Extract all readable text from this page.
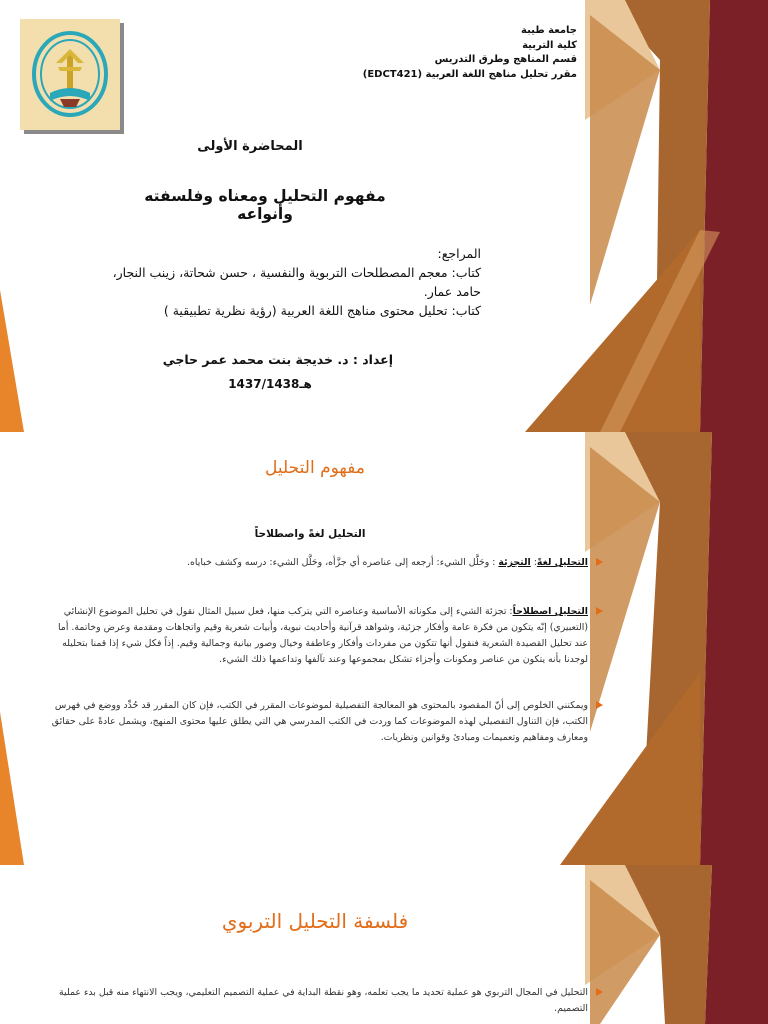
جامعة طيبة
كلية التربية
قسم المناهج وطرق التدريس
مقرر تحليل مناهج اللغة العربية (EDCT421)
المحاضرة الأولى
مفهوم التحليل ومعناه وفلسفته وأنواعه
المراجع:
كتاب: معجم المصطلحات التربوية والنفسية ، حسن شحاتة، زينب النجار،
حامد عمار.
كتاب: تحليل محتوى مناهج اللغة العربية (رؤية نظرية تطبيقية )
إعداد : د. خديجة بنت محمد عمر حاجي
1437/1438هـ
مفهوم التحليل
التحليل لغةً واصطلاحاً
التحليل لغةً: التجزئة : ‌‌‌‌‌‌‌‌‌‌‌‌‌‌‌‌‌‌‌‌‌‌‌‌‌‌‌‌‌‌‌‌‌‌‌‌‌‌‌‌و‌حَلَّل الشيء: أرجعه إلى عناصره أي جزَّأه، وحَلَّل الشيء: درسه وكشف خباياه.
التحليل اصطلاحاً: تجزئة الشيء إلى مكوناته الأساسية وعناصره التي يتركب منها، فعل سبيل المثال نقول في تحليل الموضوع الإنشائي (التعبيري) إنّه يتكون من فكرة عامة وأفكار جزئية، وشواهد قرآنية وأحاديث نبوية، وأبيات شعرية وقيم واتجاهات ومقدمة وعرض وخاتمة. أما عند تحليل القصيدة الشعرية فنقول أنها تتكون من مفردات وأفكار وعاطفة وخيال وصور بيانية وجمالية وقيم. إذاً فكل شيء إذا قمنا بتحليله لوجدنا بأنه يتكون من عناصر ومكونات وأجزاء تشكل بمجموعها وعند تآلفها وتداعمها ذلك الشيء.
ويمكنني الخلوص إلى أنّ المقصود بالمحتوى هو المعالجة التفصيلية لموضوعات المقرر في الكتب، فإن كان المقرر قد حُدِّد ووضع في فهرس الكتب، فإن التناول التفصيلي لهذه الموضوعات كما وردت في الكتب المدرسي هي التي يطلق عليها محتوى المنهج، ويشمل عادةً على حقائق ومعارف ومفاهيم وتعميمات ومبادئ وقوانين ونظريات.
فلسفة التحليل التربوي
التحليل في المجال التربوي هو عملية تحديد ما يجب تعلمه، وهو نقطة البداية في عملية التصميم التعليمي، ويجب الانتهاء منه قبل بدء عملية التصميم.
